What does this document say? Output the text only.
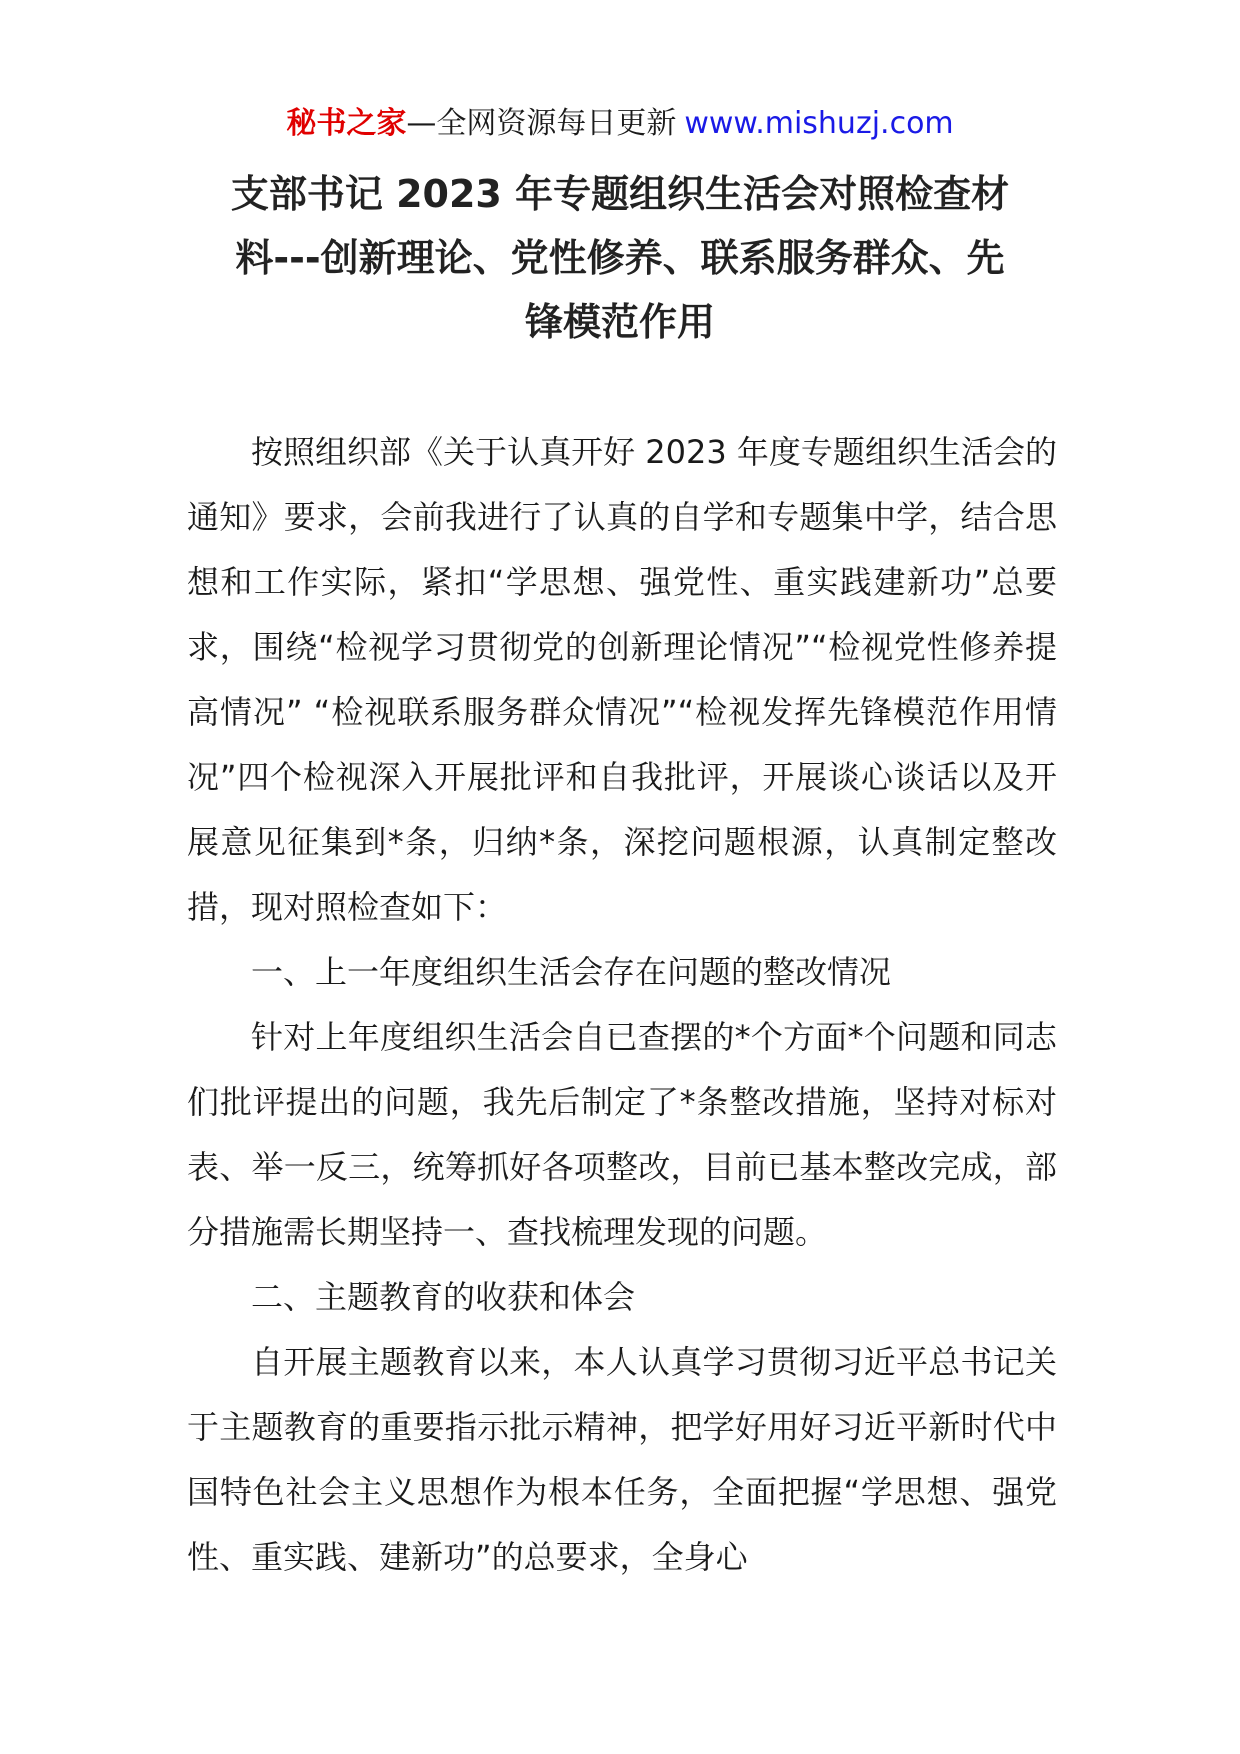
秘书之家—全网资源每日更新 www.mishuzj.com
支部书记 2023 年专题组织生活会对照检查材
料---创新理论、党性修养、联系服务群众、先
锋模范作用

按照组织部《关于认真开好 2023 年度专题组织生活会的通知》要求，会前我进行了认真的自学和专题集中学，结合思想和工作实际，紧扣“学思想、强党性、重实践建新功”总要求，围绕“检视学习贯彻党的创新理论情况”“检视党性修养提高情况” “检视联系服务群众情况”“检视发挥先锋模范作用情况”四个检视深入开展批评和自我批评，开展谈心谈话以及开展意见征集到*条，归纳*条，深挖问题根源，认真制定整改措，现对照检查如下：

一、上一年度组织生活会存在问题的整改情况

针对上年度组织生活会自已查摆的*个方面*个问题和同志们批评提出的问题，我先后制定了*条整改措施，坚持对标对表、举一反三，统筹抓好各项整改，目前已基本整改完成，部分措施需长期坚持一、查找梳理发现的问题。

二、主题教育的收获和体会

自开展主题教育以来，本人认真学习贯彻习近平总书记关于主题教育的重要指示批示精神，把学好用好习近平新时代中国特色社会主义思想作为根本任务，全面把握“学思想、强党性、重实践、建新功”的总要求，全身心
